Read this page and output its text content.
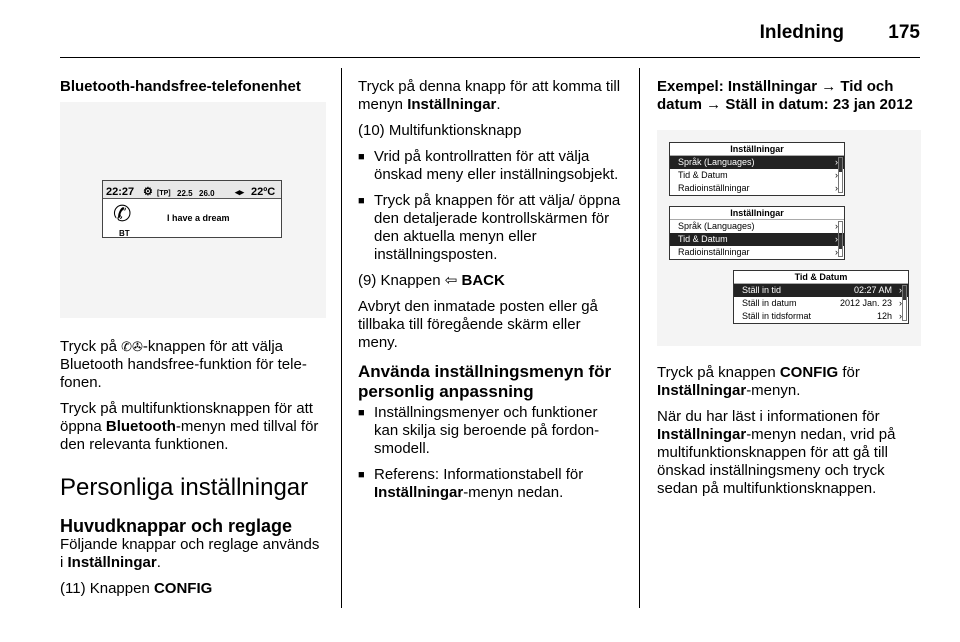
Inledning 175
Bluetooth-handsfree-telefonenhet
22:27 ⚙ [TP] 22.5 26.0 ◂▸ 22ºC
✆
BT
I have a dream
Tryck på ✆✇-knappen för att välja Bluetooth handsfree-funktion för telefonen.
Tryck på multifunktionsknappen för att öppna Bluetooth-menyn med tillval för den relevanta funktionen.
Personliga inställningar
Huvudknappar och reglage
Följande knappar och reglage används i Inställningar.
(11) Knappen CONFIG
Tryck på denna knapp för att komma till menyn Inställningar.
(10) Multifunktionsknapp
■ Vrid på kontrollratten för att välja önskad meny eller inställningsobjekt.
■ Tryck på knappen för att välja/ öppna den detaljerade kontrollskärmen för den aktuella menyn eller inställningsposten.
(9) Knappen ⇦ BACK
Avbryt den inmatade posten eller gå tillbaka till föregående skärm eller meny.
Använda inställningsmenyn för personlig anpassning
■ Inställningsmenyer och funktioner kan skilja sig beroende på fordonsmodell.
■ Referens: Informationstabell för Inställningar-menyn nedan.
Exempel: Inställningar → Tid och datum → Ställ in datum: 23 jan 2012
Inställningar
Språk (Languages)	›
Tid & Datum	›
Radioinställningar	›
Inställningar
Språk (Languages)	›
Tid & Datum	›
Radioinställningar	›
Tid & Datum
Ställ in tid	02:27 AM ›
Ställ in datum	2012 Jan. 23 ›
Ställ in tidsformat	12h ›
Tryck på knappen CONFIG för Inställningar-menyn.
När du har läst i informationen för Inställningar-menyn nedan, vrid på multifunktionsknappen för att gå till önskad inställningsmeny och tryck sedan på multifunktionsknappen.
